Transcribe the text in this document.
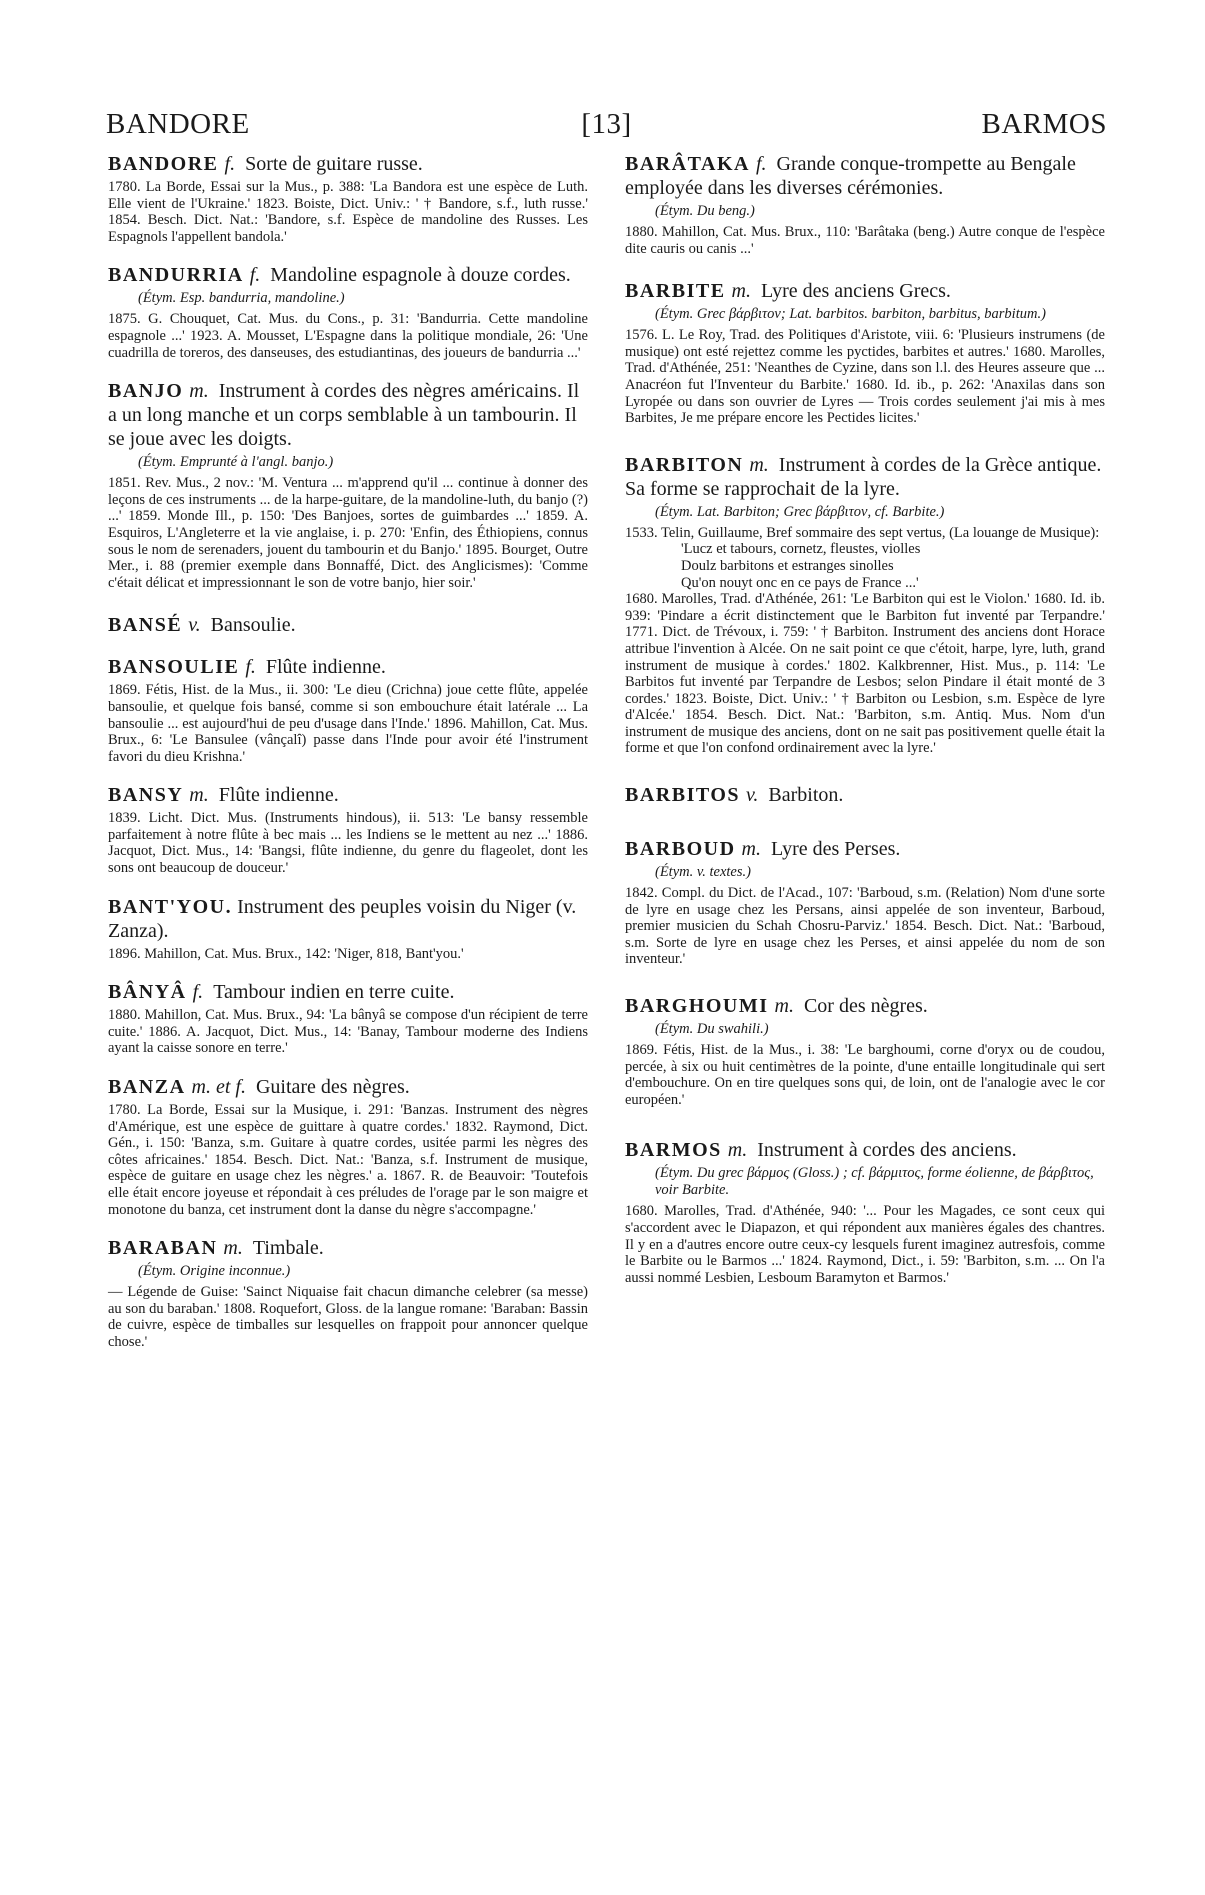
BANDORE	[13]	BARMOS

BANDORE f. Sorte de guitare russe.

1780. La Borde, Essai sur la Mus., p. 388: 'La Bandora est une espèce de Luth. Elle vient de l'Ukraine.' 1823. Boiste, Dict. Univ.: ' † Bandore, s.f., luth russe.' 1854. Besch. Dict. Nat.: 'Bandore, s.f. Espèce de mandoline des Russes. Les Espagnols l'appellent bandola.'

BANDURRIA f. Mandoline espagnole à douze cordes.

(Étym. Esp. bandurria, mandoline.)

1875. G. Chouquet, Cat. Mus. du Cons., p. 31: 'Bandurria. Cette mandoline espagnole ...' 1923. A. Mousset, L'Espagne dans la politique mondiale, 26: 'Une cuadrilla de toreros, des danseuses, des estudiantinas, des joueurs de bandurria ...'

BANJO m. Instrument à cordes des nègres américains. Il a un long manche et un corps semblable à un tambourin. Il se joue avec les doigts.

(Étym. Emprunté à l'angl. banjo.)

1851. Rev. Mus., 2 nov.: 'M. Ventura ... m'apprend qu'il ... continue à donner des leçons de ces instruments ... de la harpe-guitare, de la mandoline-luth, du banjo (?) ...' 1859. Monde Ill., p. 150: 'Des Banjoes, sortes de guimbardes ...' 1859. A. Esquiros, L'Angleterre et la vie anglaise, i. p. 270: 'Enfin, des Éthiopiens, connus sous le nom de serenaders, jouent du tambourin et du Banjo.' 1895. Bourget, Outre Mer., i. 88 (premier exemple dans Bonnaffé, Dict. des Anglicismes): 'Comme c'était délicat et impressionnant le son de votre banjo, hier soir.'

BANSÉ v. Bansoulie.

BANSOULIE f. Flûte indienne.

1869. Fétis, Hist. de la Mus., ii. 300: 'Le dieu (Crichna) joue cette flûte, appelée bansoulie, et quelque fois bansé, comme si son embouchure était latérale ... La bansoulie ... est aujourd'hui de peu d'usage dans l'Inde.' 1896. Mahillon, Cat. Mus. Brux., 6: 'Le Bansulee (vânçalî) passe dans l'Inde pour avoir été l'instrument favori du dieu Krishna.'

BANSY m. Flûte indienne.

1839. Licht. Dict. Mus. (Instruments hindous), ii. 513: 'Le bansy ressemble parfaitement à notre flûte à bec mais ... les Indiens se le mettent au nez ...' 1886. Jacquot, Dict. Mus., 14: 'Bangsi, flûte indienne, du genre du flageolet, dont les sons ont beaucoup de douceur.'

BANT'YOU. Instrument des peuples voisin du Niger (v. Zanza).

1896. Mahillon, Cat. Mus. Brux., 142: 'Niger, 818, Bant'you.'

BÂNYÂ f. Tambour indien en terre cuite.

1880. Mahillon, Cat. Mus. Brux., 94: 'La bânyâ se compose d'un récipient de terre cuite.' 1886. A. Jacquot, Dict. Mus., 14: 'Banay, Tambour moderne des Indiens ayant la caisse sonore en terre.'

BANZA m. et f. Guitare des nègres.

1780. La Borde, Essai sur la Musique, i. 291: 'Banzas. Instrument des nègres d'Amérique, est une espèce de guittare à quatre cordes.' 1832. Raymond, Dict. Gén., i. 150: 'Banza, s.m. Guitare à quatre cordes, usitée parmi les nègres des côtes africaines.' 1854. Besch. Dict. Nat.: 'Banza, s.f. Instrument de musique, espèce de guitare en usage chez les nègres.' a. 1867. R. de Beauvoir: 'Toutefois elle était encore joyeuse et répondait à ces préludes de l'orage par le son maigre et monotone du banza, cet instrument dont la danse du nègre s'accompagne.'

BARABAN m. Timbale.

(Étym. Origine inconnue.)

— Légende de Guise: 'Sainct Niquaise fait chacun dimanche celebrer (sa messe) au son du baraban.' 1808. Roquefort, Gloss. de la langue romane: 'Baraban: Bassin de cuivre, espèce de timballes sur lesquelles on frappoit pour annoncer quelque chose.'

BARÂTAKA f. Grande conque-trompette au Bengale employée dans les diverses cérémonies.

(Étym. Du beng.)

1880. Mahillon, Cat. Mus. Brux., 110: 'Barâtaka (beng.) Autre conque de l'espèce dite cauris ou canis ...'

BARBITE m. Lyre des anciens Grecs.

(Étym. Grec βάρβιτον; Lat. barbitos. barbiton, barbitus, barbitum.)

1576. L. Le Roy, Trad. des Politiques d'Aristote, viii. 6: 'Plusieurs instrumens (de musique) ont esté rejettez comme les pyctides, barbites et autres.' 1680. Marolles, Trad. d'Athénée, 251: 'Neanthes de Cyzine, dans son l.l. des Heures asseure que ... Anacréon fut l'Inventeur du Barbite.' 1680. Id. ib., p. 262: 'Anaxilas dans son Lyropée ou dans son ouvrier de Lyres — Trois cordes seulement j'ai mis à mes Barbites, Je me prépare encore les Pectides licites.'

BARBITON m. Instrument à cordes de la Grèce antique. Sa forme se rapprochait de la lyre.

(Étym. Lat. Barbiton; Grec βάρβιτον, cf. Barbite.)

1533. Telin, Guillaume, Bref sommaire des sept vertus, (La louange de Musique):

'Lucz et tabours, cornetz, fleustes, violles

Doulz barbitons et estranges sinolles

Qu'on nouyt onc en ce pays de France ...'

1680. Marolles, Trad. d'Athénée, 261: 'Le Barbiton qui est le Violon.' 1680. Id. ib. 939: 'Pindare a écrit distinctement que le Barbiton fut inventé par Terpandre.' 1771. Dict. de Trévoux, i. 759: ' † Barbiton. Instrument des anciens dont Horace attribue l'invention à Alcée. On ne sait point ce que c'étoit, harpe, lyre, luth, grand instrument de musique à cordes.' 1802. Kalkbrenner, Hist. Mus., p. 114: 'Le Barbitos fut inventé par Terpandre de Lesbos; selon Pindare il était monté de 3 cordes.' 1823. Boiste, Dict. Univ.: ' † Barbiton ou Lesbion, s.m. Espèce de lyre d'Alcée.' 1854. Besch. Dict. Nat.: 'Barbiton, s.m. Antiq. Mus. Nom d'un instrument de musique des anciens, dont on ne sait pas positivement quelle était la forme et que l'on confond ordinairement avec la lyre.'

BARBITOS v. Barbiton.

BARBOUD m. Lyre des Perses.

(Étym. v. textes.)

1842. Compl. du Dict. de l'Acad., 107: 'Barboud, s.m. (Relation) Nom d'une sorte de lyre en usage chez les Persans, ainsi appelée de son inventeur, Barboud, premier musicien du Schah Chosru-Parviz.' 1854. Besch. Dict. Nat.: 'Barboud, s.m. Sorte de lyre en usage chez les Perses, et ainsi appelée du nom de son inventeur.'

BARGHOUMI m. Cor des nègres.

(Étym. Du swahili.)

1869. Fétis, Hist. de la Mus., i. 38: 'Le barghoumi, corne d'oryx ou de coudou, percée, à six ou huit centimètres de la pointe, d'une entaille longitudinale qui sert d'embouchure. On en tire quelques sons qui, de loin, ont de l'analogie avec le cor européen.'

BARMOS m. Instrument à cordes des anciens.

(Étym. Du grec βάρμος (Gloss.) ; cf. βάρμιτος, forme éolienne, de βάρβιτος, voir Barbite.

1680. Marolles, Trad. d'Athénée, 940: '... Pour les Magades, ce sont ceux qui s'accordent avec le Diapazon, et qui répondent aux manières égales des chantres. Il y en a d'autres encore outre ceux-cy lesquels furent imaginez autresfois, comme le Barbite ou le Barmos ...' 1824. Raymond, Dict., i. 59: 'Barbiton, s.m. ... On l'a aussi nommé Lesbien, Lesboum Baramyton et Barmos.'
